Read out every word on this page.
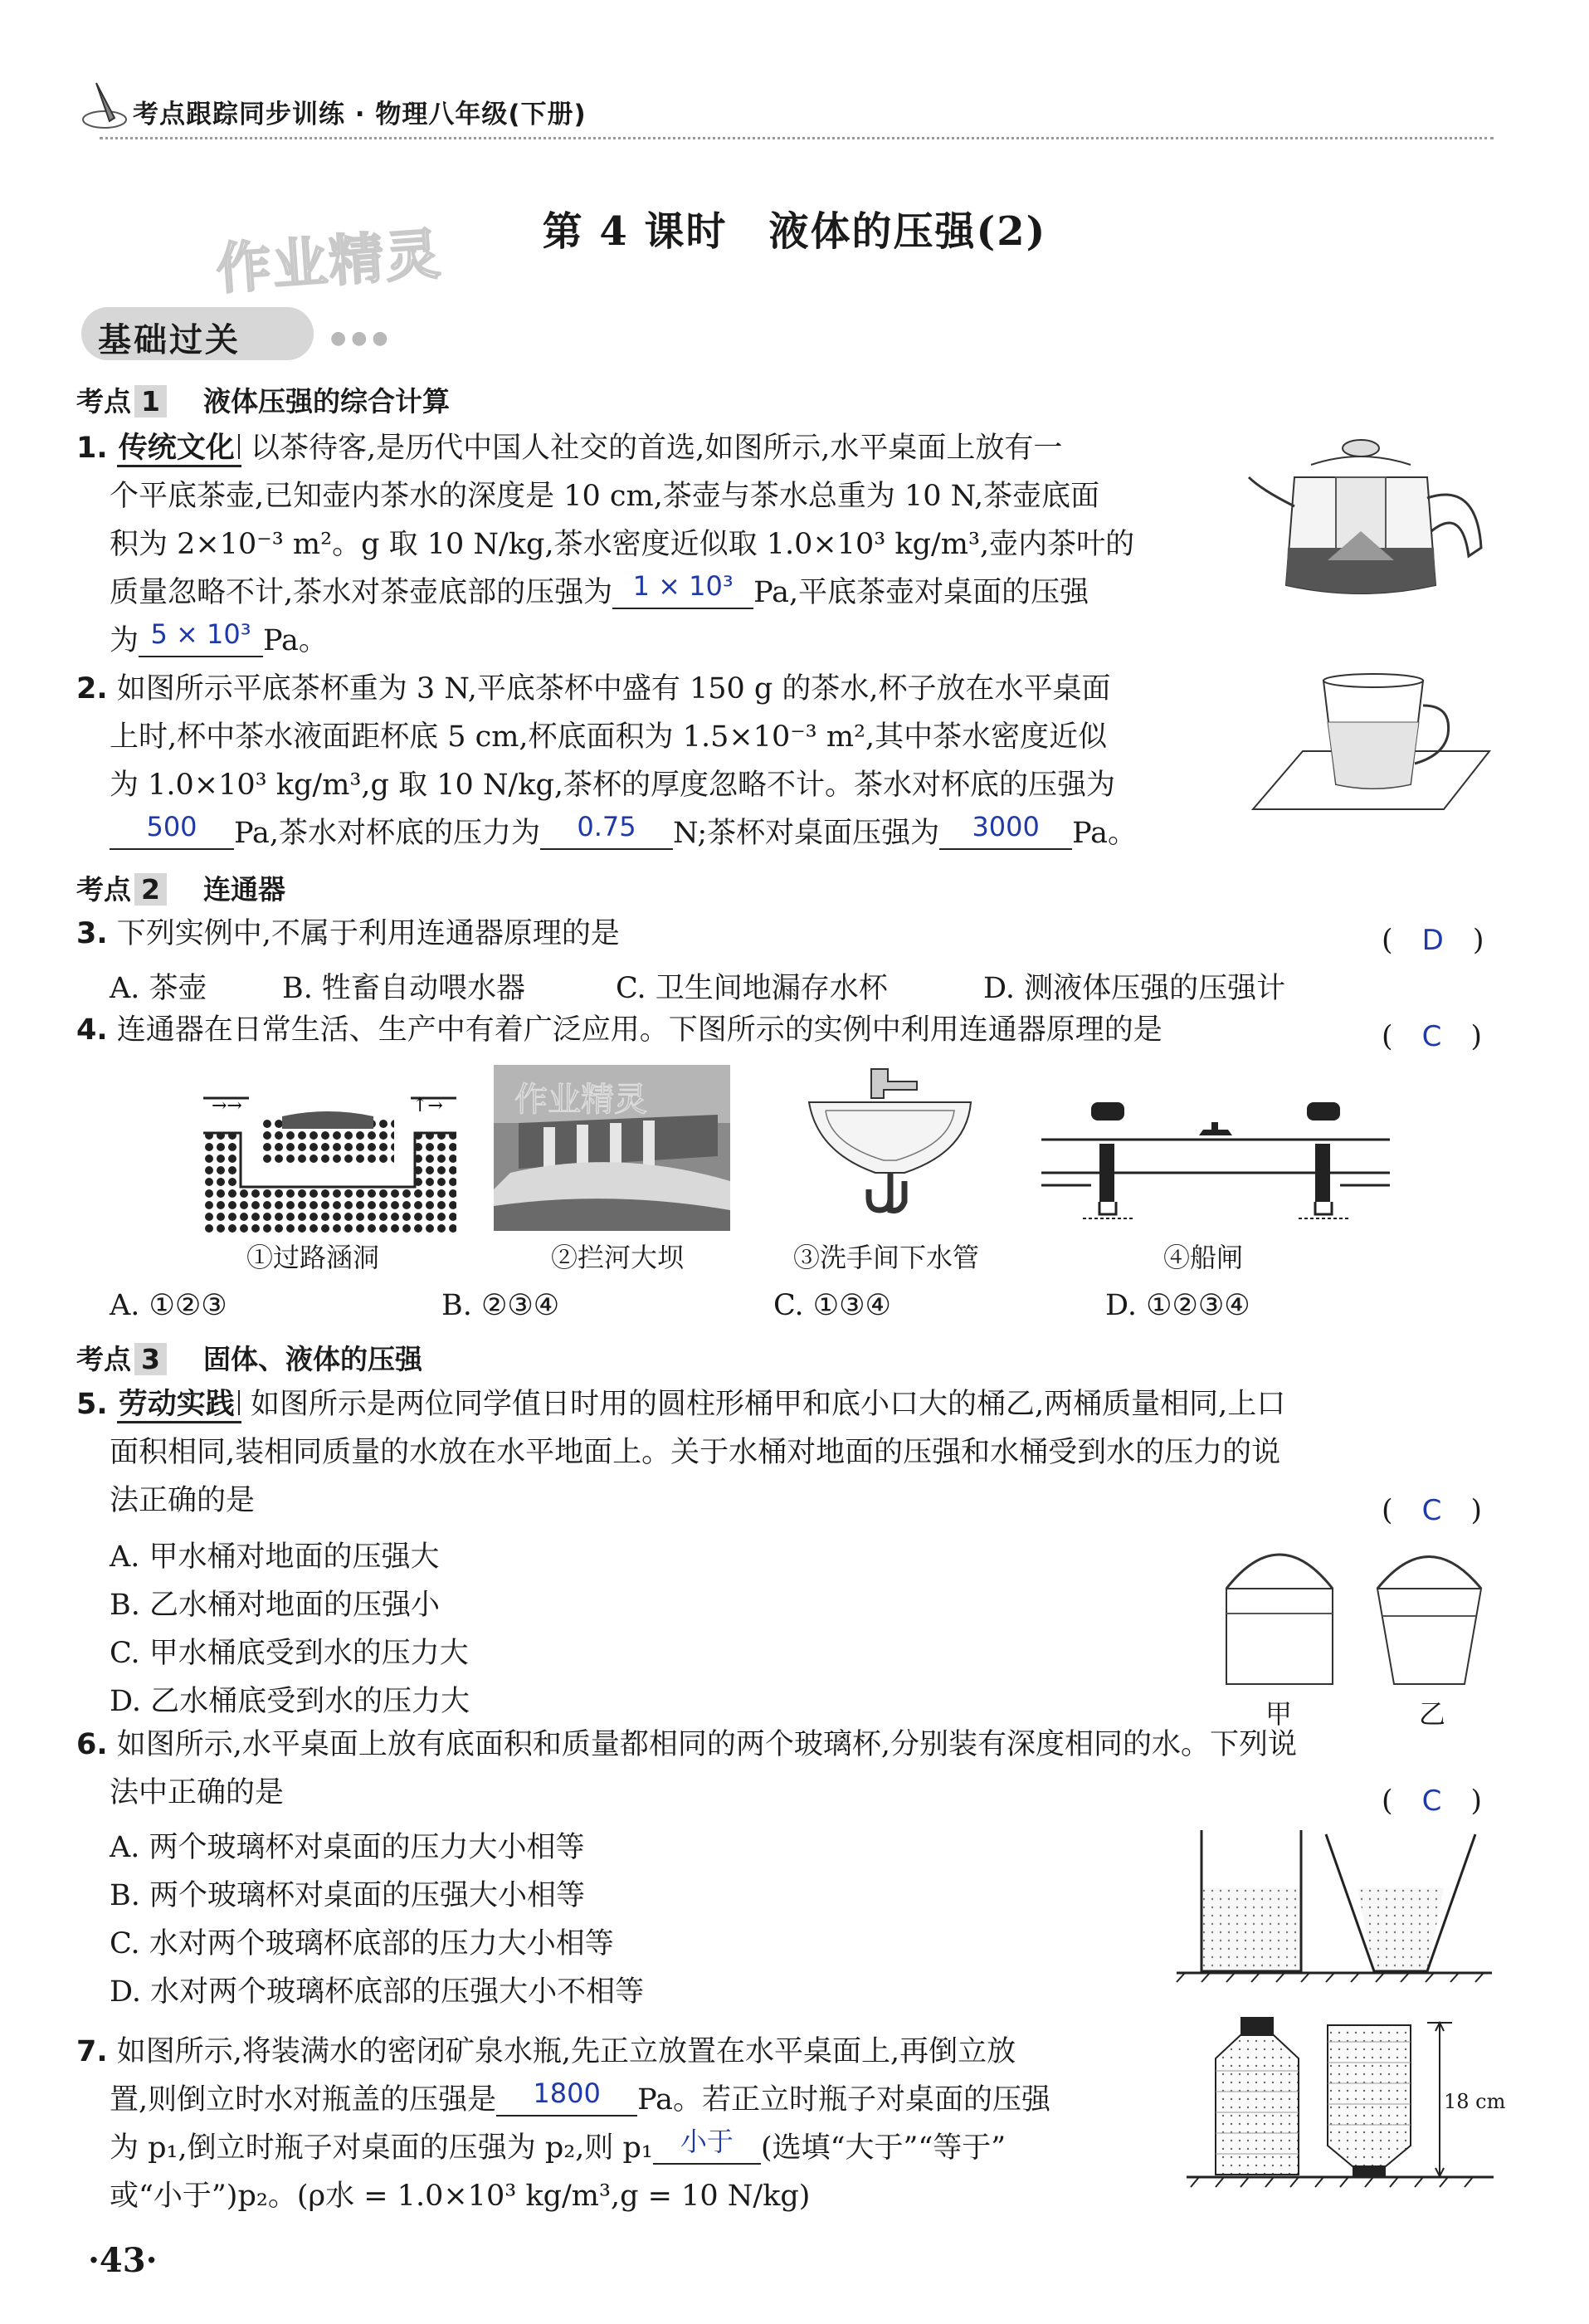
考点跟踪同步训练 · 物理八年级(下册)
作业精灵	第 4 课时　液体的压强(2)
基础过关	●●●
考点 1 液体压强的综合计算
1. 传统文化 以茶待客,是历代中国人社交的首选,如图所示,水平桌面上放有一
个平底茶壶,已知壶内茶水的深度是 10 cm,茶壶与茶水总重为 10 N,茶壶底面
积为 2×10⁻³ m²。g 取 10 N/kg,茶水密度近似取 1.0×10³ kg/m³,壶内茶叶的
质量忽略不计,茶水对茶壶底部的压强为 1 × 10³ Pa,平底茶壶对桌面的压强
为 5 × 10³ Pa。
2. 如图所示平底茶杯重为 3 N,平底茶杯中盛有 150 g 的茶水,杯子放在水平桌面
上时,杯中茶水液面距杯底 5 cm,杯底面积为 1.5×10⁻³ m²,其中茶水密度近似
为 1.0×10³ kg/m³,g 取 10 N/kg,茶杯的厚度忽略不计。茶水对杯底的压强为
500	Pa,茶水对杯底的压力为	0.75	N;茶杯对桌面压强为	3000	Pa。
考点 2 连通器
3. 下列实例中,不属于利用连通器原理的是	(　D　)
A. 茶壶	B. 牲畜自动喂水器	C. 卫生间地漏存水杯	D. 测液体压强的压强计
4. 连通器在日常生活、生产中有着广泛应用。下图所示的实例中利用连通器原理的是	(　C　)
→→	↑→ 作业精灵
①过路涵洞	②拦河大坝	③洗手间下水管	④船闸
A. ①②③	B. ②③④	C. ①③④	D. ①②③④
考点 3 固体、液体的压强
5. 劳动实践 如图所示是两位同学值日时用的圆柱形桶甲和底小口大的桶乙,两桶质量相同,上口
面积相同,装相同质量的水放在水平地面上。关于水桶对地面的压强和水桶受到水的压力的说
法正确的是	(　C　)
A. 甲水桶对地面的压强大
B. 乙水桶对地面的压强小
C. 甲水桶底受到水的压力大
D. 乙水桶底受到水的压力大	甲	乙
6. 如图所示,水平桌面上放有底面积和质量都相同的两个玻璃杯,分别装有深度相同的水。下列说
法中正确的是	(　C　)
A. 两个玻璃杯对桌面的压力大小相等
B. 两个玻璃杯对桌面的压强大小相等
C. 水对两个玻璃杯底部的压力大小相等
D. 水对两个玻璃杯底部的压强大小不相等
7. 如图所示,将装满水的密闭矿泉水瓶,先正立放置在水平桌面上,再倒立放
置,则倒立时水对瓶盖的压强是	1800	Pa。若正立时瓶子对桌面的压强
为 p₁,倒立时瓶子对桌面的压强为 p₂,则 p₁	小于 (选填“大于”“等于”
或“小于”)p₂。(ρ水 = 1.0×10³ kg/m³,g = 10 N/kg)
18 cm
·43·
